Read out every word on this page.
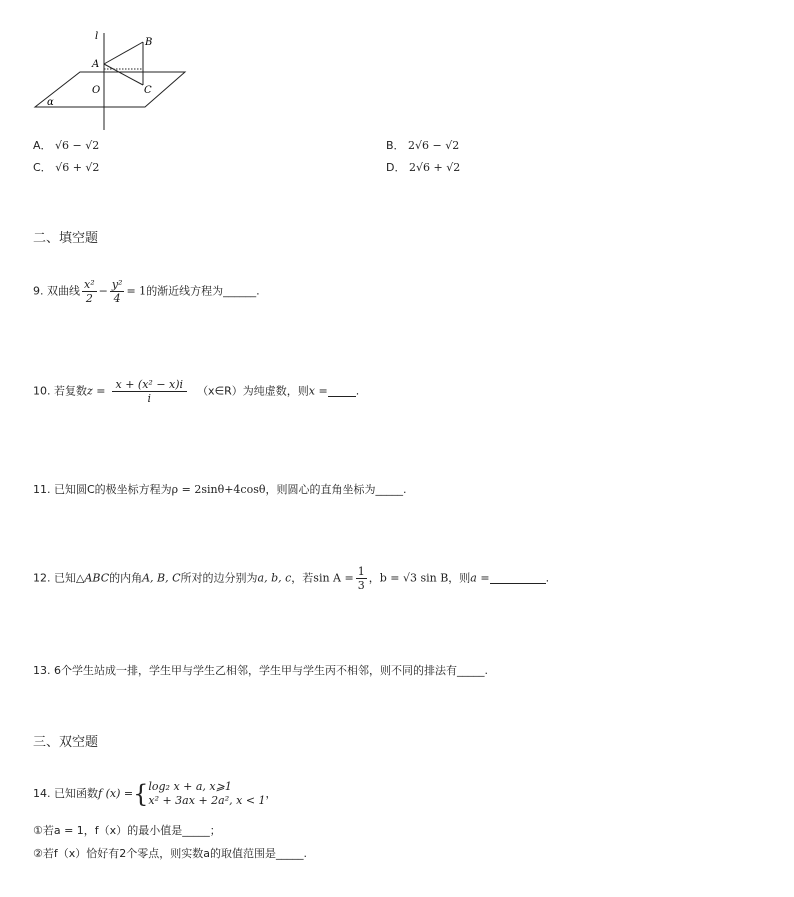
l
B
A
O	C
α
A． √6 − √2	B． 2√6 − √2
C． √6 + √2	D． 2√6 + √2
二、填空题
9. 双曲线 $\frac{\text{x²}}{2} - \frac{\text{y²}}{4} = 1$的渐近线方程为______.
10. 若复数$z = \frac{\text{x + (x² − x)i}}{i}$ （x∈R）为纯虚数，则x =	.
11. 已知圆C的极坐标方程为ρ = 2sinθ+4cosθ，则圆心的直角坐标为_____.
12. 已知△ABC的内角A, B, C所对的边分别为a, b, c，若$\sin A = \frac{1}{3}$ ，b = √3 sin B，则a =	.
13. 6个学生站成一排，学生甲与学生乙相邻，学生甲与学生丙不相邻，则不同的排法有_____.
三、双空题
14. 已知函数f (x) ={ log₂ x + a, x⩾1
x² + 3ax + 2a², x < 1
，
①若a = 1，f（x）的最小值是_____；
②若f（x）恰好有2个零点，则实数a的取值范围是_____.
